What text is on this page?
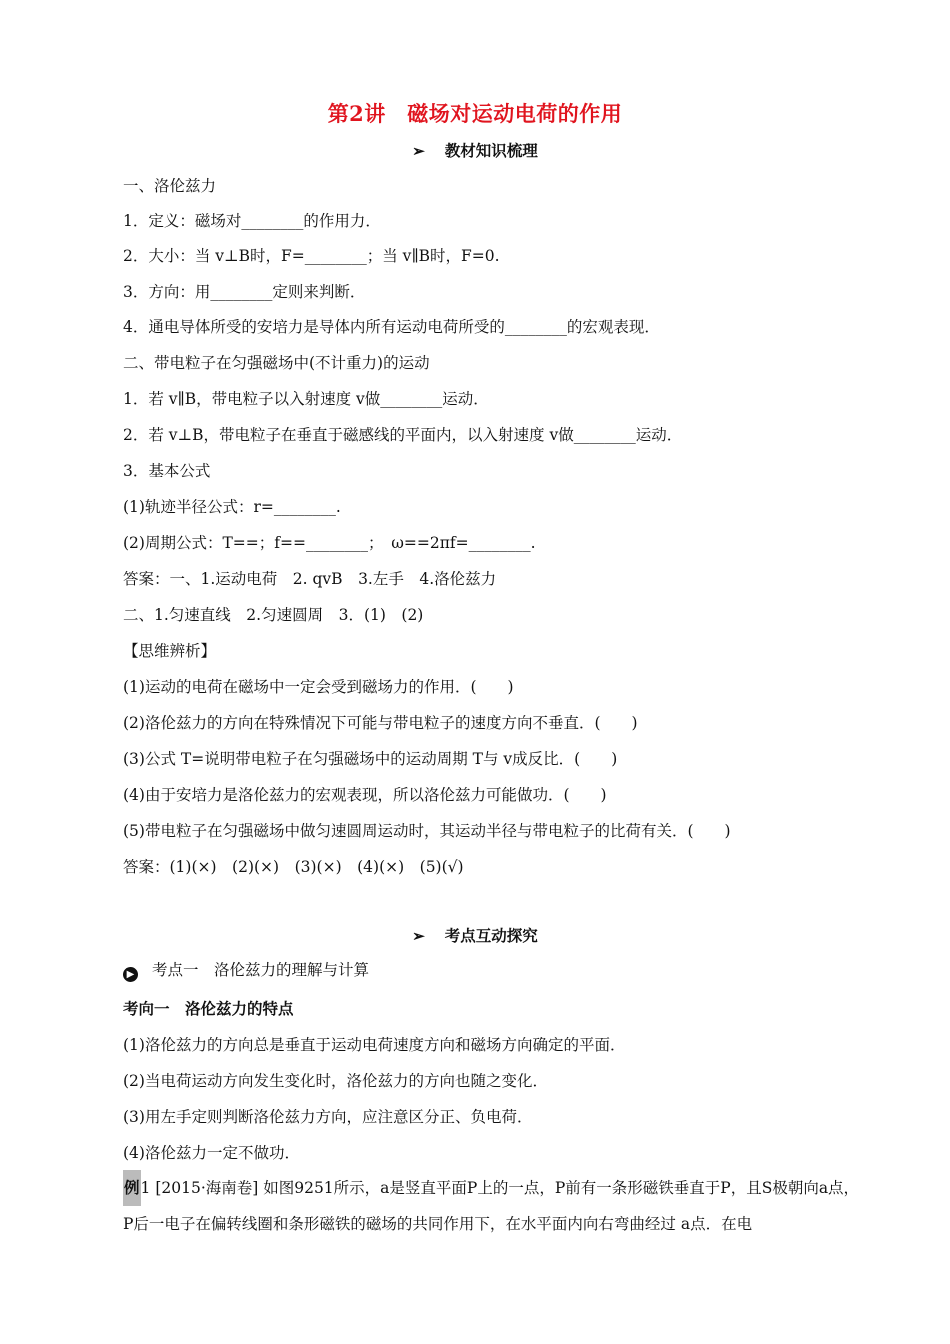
第2讲　磁场对运动电荷的作用
➢ 教材知识梳理
一、洛伦兹力
1．定义：磁场对________的作用力．
2．大小：当 v⊥B时，F=________；当 v∥B时，F=0.
3．方向：用________定则来判断．
4．通电导体所受的安培力是导体内所有运动电荷所受的________的宏观表现．
二、带电粒子在匀强磁场中(不计重力)的运动
1．若 v∥B，带电粒子以入射速度 v做________运动．
2．若 v⊥B，带电粒子在垂直于磁感线的平面内，以入射速度 v做________运动．
3．基本公式
(1)轨迹半径公式：r=________.
(2)周期公式：T==；f==________；　ω==2πf=________.
答案：一、1.运动电荷　2. qvB　3.左手　4.洛伦兹力
二、1.匀速直线　2.匀速圆周　3．(1)　(2)
【思维辨析】
(1)运动的电荷在磁场中一定会受到磁场力的作用．(　　)
(2)洛伦兹力的方向在特殊情况下可能与带电粒子的速度方向不垂直．(　　)
(3)公式 T=说明带电粒子在匀强磁场中的运动周期 T与 v成反比．(　　)
(4)由于安培力是洛伦兹力的宏观表现，所以洛伦兹力可能做功．(　　)
(5)带电粒子在匀强磁场中做匀速圆周运动时，其运动半径与带电粒子的比荷有关．(　　)
答案：(1)(×)　(2)(×)　(3)(×)　(4)(×)　(5)(√)
➢ 考点互动探究
▶ 考点一　洛伦兹力的理解与计算
考向一　洛伦兹力的特点
(1)洛伦兹力的方向总是垂直于运动电荷速度方向和磁场方向确定的平面．
(2)当电荷运动方向发生变化时，洛伦兹力的方向也随之变化．
(3)用左手定则判断洛伦兹力方向，应注意区分正、负电荷．
(4)洛伦兹力一定不做功．
例1 [2015·海南卷] 如图9251所示，a是竖直平面P上的一点，P前有一条形磁铁垂直于P，且S极朝向a点，P后一电子在偏转线圈和条形磁铁的磁场的共同作用下，在水平面内向右弯曲经过 a点．在电
